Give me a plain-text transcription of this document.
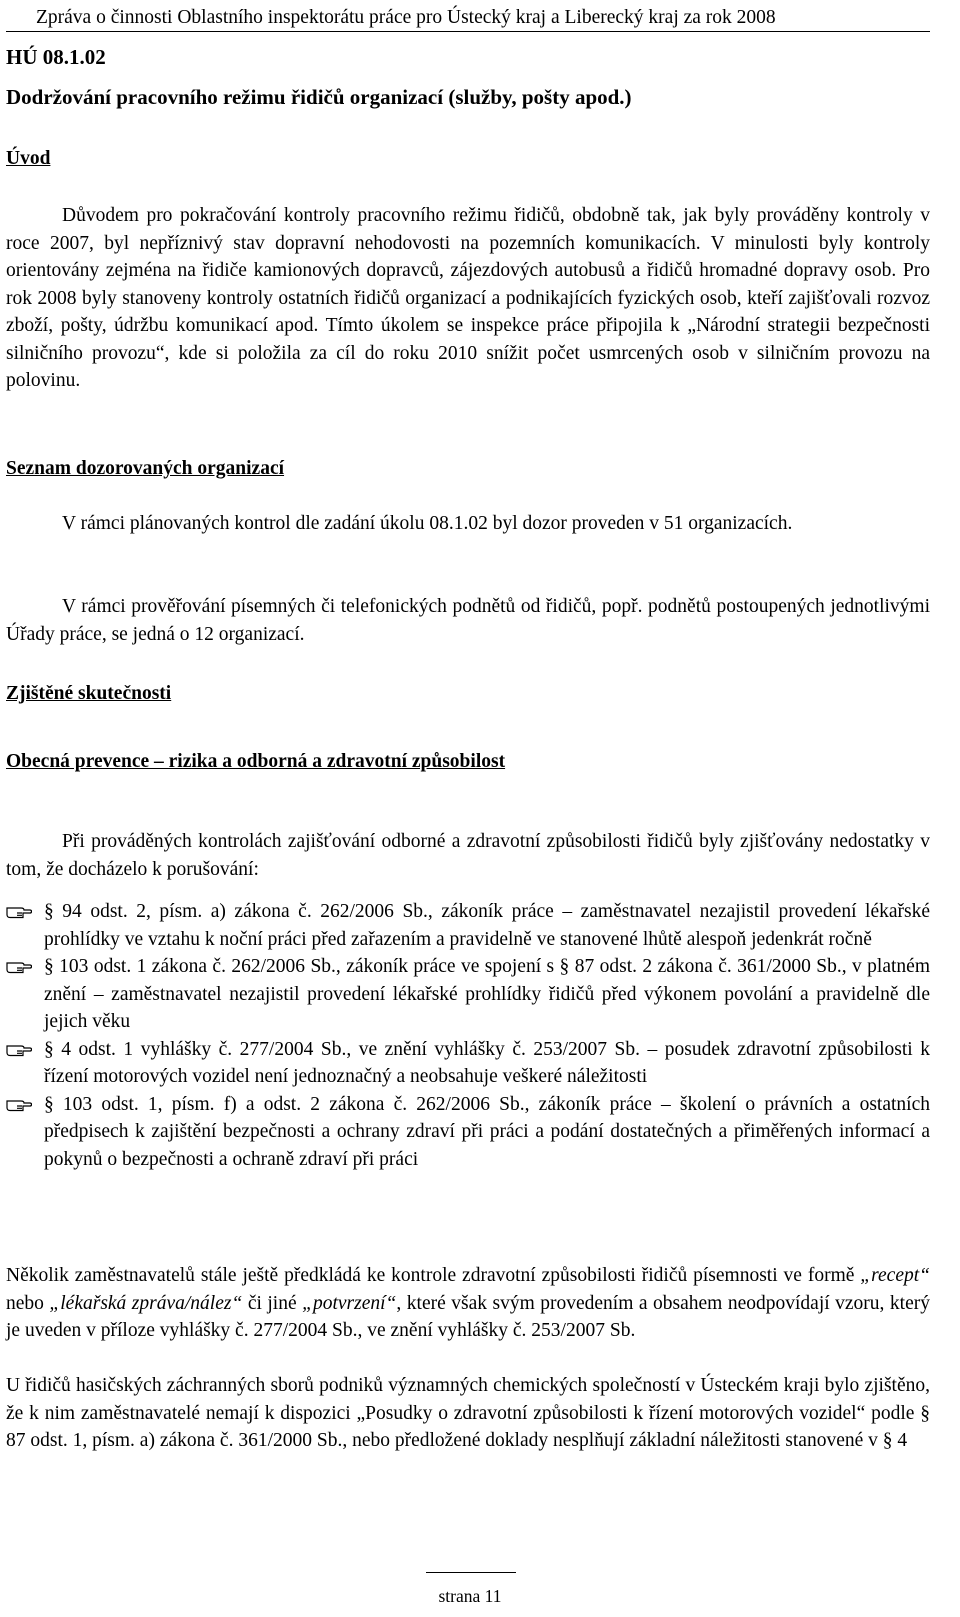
Zpráva o činnosti Oblastního inspektorátu práce pro Ústecký kraj a Liberecký kraj za rok 2008
HÚ 08.1.02
Dodržování pracovního režimu řidičů organizací (služby, pošty apod.)
Úvod
Důvodem pro pokračování kontroly pracovního režimu řidičů, obdobně tak, jak byly prováděny kontroly v roce 2007, byl nepříznivý stav dopravní nehodovosti na pozemních komunikacích. V minulosti byly kontroly orientovány zejména na řidiče kamionových dopravců, zájezdových autobusů a řidičů hromadné dopravy osob. Pro rok 2008 byly stanoveny kontroly ostatních řidičů organizací a podnikajících fyzických osob, kteří zajišťovali rozvoz zboží, pošty, údržbu komunikací apod. Tímto úkolem se inspekce práce připojila k „Národní strategii bezpečnosti silničního provozu“, kde si položila za cíl do roku 2010 snížit počet usmrcených osob v silničním provozu na polovinu.
Seznam dozorovaných organizací
V rámci plánovaných kontrol dle zadání úkolu 08.1.02 byl dozor proveden v 51 organizacích.
V rámci prověřování písemných či telefonických podnětů od řidičů, popř. podnětů postoupených jednotlivými Úřady práce, se jedná o 12 organizací.
Zjištěné skutečnosti
Obecná prevence – rizika a odborná a zdravotní způsobilost
Při prováděných kontrolách zajišťování odborné a zdravotní způsobilosti řidičů byly zjišťovány nedostatky v tom, že docházelo k porušování:
§ 94 odst. 2, písm. a) zákona č. 262/2006 Sb., zákoník práce – zaměstnavatel nezajistil provedení lékařské prohlídky ve vztahu k noční práci před zařazením a pravidelně ve stanovené lhůtě alespoň jedenkrát ročně
§ 103 odst. 1 zákona č. 262/2006 Sb., zákoník práce ve spojení s § 87 odst. 2 zákona č. 361/2000 Sb., v platném znění – zaměstnavatel nezajistil provedení lékařské prohlídky řidičů před výkonem povolání a pravidelně dle jejich věku
§ 4 odst. 1 vyhlášky č. 277/2004 Sb., ve znění vyhlášky č. 253/2007 Sb. – posudek zdravotní způsobilosti k řízení motorových vozidel není jednoznačný a neobsahuje veškeré náležitosti
§ 103 odst. 1, písm. f) a odst. 2 zákona č. 262/2006 Sb., zákoník práce – školení o právních a ostatních předpisech k zajištění bezpečnosti a ochrany zdraví při práci a podání dostatečných a přiměřených informací a pokynů o bezpečnosti a ochraně zdraví při práci
Několik zaměstnavatelů stále ještě předkládá ke kontrole zdravotní způsobilosti řidičů písemnosti ve formě „recept“ nebo „lékařská zpráva/nález“ či jiné „potvrzení“, které však svým provedením a obsahem neodpovídají vzoru, který je uveden v příloze vyhlášky č. 277/2004 Sb., ve znění vyhlášky č. 253/2007 Sb.
U řidičů hasičských záchranných sborů podniků významných chemických společností v Ústeckém kraji bylo zjištěno, že k nim zaměstnavatelé nemají k dispozici „Posudky o zdravotní způsobilosti k řízení motorových vozidel“ podle § 87 odst. 1, písm. a) zákona č. 361/2000 Sb., nebo předložené doklady nesplňují základní náležitosti stanovené v § 4
strana 11
